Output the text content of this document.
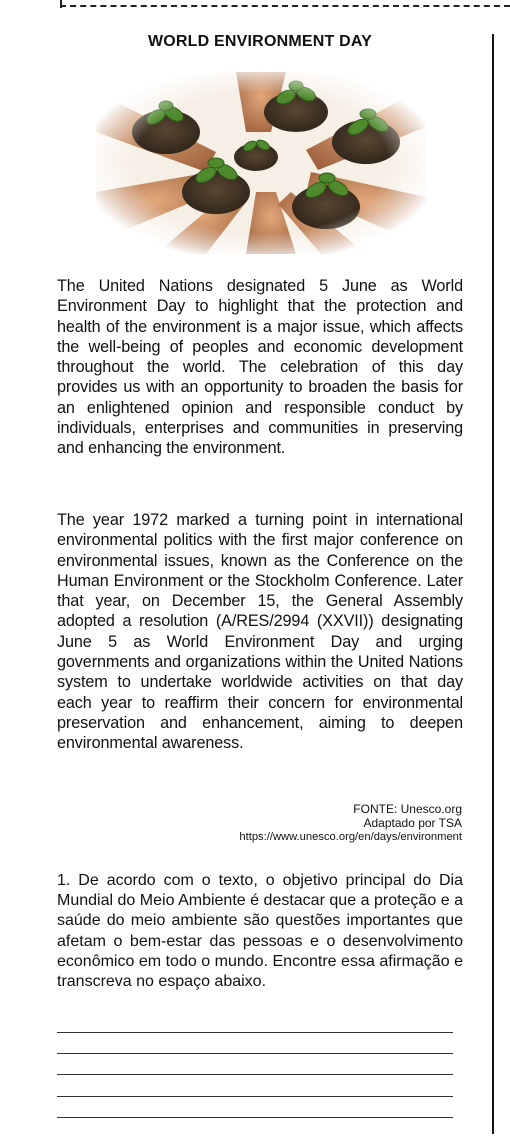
WORLD ENVIRONMENT DAY

The United Nations designated 5 June as World Environment Day to highlight that the protection and health of the environment is a major issue, which affects the well-being of peoples and economic development throughout the world. The celebration of this day provides us with an opportunity to broaden the basis for an enlightened opinion and responsible conduct by individuals, enterprises and communities in preserving and enhancing the environment.

The year 1972 marked a turning point in international environmental politics with the first major conference on environmental issues, known as the Conference on the Human Environment or the Stockholm Conference. Later that year, on December 15, the General Assembly adopted a resolution (A/RES/2994 (XXVII)) designating June 5 as World Environment Day and urging governments and organizations within the United Nations system to undertake worldwide activities on that day each year to reaffirm their concern for environmental preservation and enhancement, aiming to deepen environmental awareness.

FONTE: Unesco.org
Adaptado por TSA
https://www.unesco.org/en/days/environment

1. De acordo com o texto, o objetivo principal do Dia Mundial do Meio Ambiente é destacar que a proteção e a saúde do meio ambiente são questões importantes que afetam o bem-estar das pessoas e o desenvolvimento econômico em todo o mundo. Encontre essa afirmação e transcreva no espaço abaixo.
